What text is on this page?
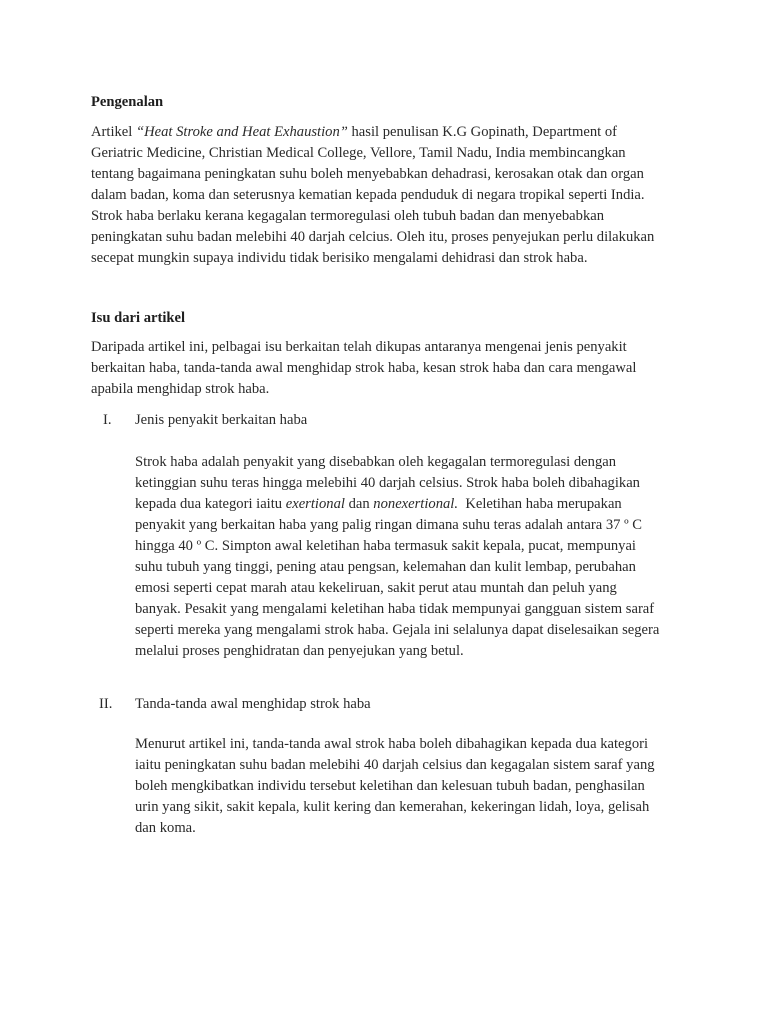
Pengenalan

Artikel “Heat Stroke and Heat Exhaustion” hasil penulisan K.G Gopinath, Department of
Geriatric Medicine, Christian Medical College, Vellore, Tamil Nadu, India membincangkan
tentang bagaimana peningkatan suhu boleh menyebabkan dehadrasi, kerosakan otak dan organ
dalam badan, koma dan seterusnya kematian kepada penduduk di negara tropikal seperti India.
Strok haba berlaku kerana kegagalan termoregulasi oleh tubuh badan dan menyebabkan
peningkatan suhu badan melebihi 40 darjah celcius. Oleh itu, proses penyejukan perlu dilakukan
secepat mungkin supaya individu tidak berisiko mengalami dehidrasi dan strok haba.

Isu dari artikel

Daripada artikel ini, pelbagai isu berkaitan telah dikupas antaranya mengenai jenis penyakit
berkaitan haba, tanda-tanda awal menghidap strok haba, kesan strok haba dan cara mengawal
apabila menghidap strok haba.

I. Jenis penyakit berkaitan haba

Strok haba adalah penyakit yang disebabkan oleh kegagalan termoregulasi dengan
ketinggian suhu teras hingga melebihi 40 darjah celsius. Strok haba boleh dibahagikan
kepada dua kategori iaitu exertional dan nonexertional.  Keletihan haba merupakan
penyakit yang berkaitan haba yang palig ringan dimana suhu teras adalah antara 37 º C
hingga 40 º C. Simpton awal keletihan haba termasuk sakit kepala, pucat, mempunyai
suhu tubuh yang tinggi, pening atau pengsan, kelemahan dan kulit lembap, perubahan
emosi seperti cepat marah atau kekeliruan, sakit perut atau muntah dan peluh yang
banyak. Pesakit yang mengalami keletihan haba tidak mempunyai gangguan sistem saraf
seperti mereka yang mengalami strok haba. Gejala ini selalunya dapat diselesaikan segera
melalui proses penghidratan dan penyejukan yang betul.

II. Tanda-tanda awal menghidap strok haba

Menurut artikel ini, tanda-tanda awal strok haba boleh dibahagikan kepada dua kategori
iaitu peningkatan suhu badan melebihi 40 darjah celsius dan kegagalan sistem saraf yang
boleh mengkibatkan individu tersebut keletihan dan kelesuan tubuh badan, penghasilan
urin yang sikit, sakit kepala, kulit kering dan kemerahan, kekeringan lidah, loya, gelisah
dan koma.
